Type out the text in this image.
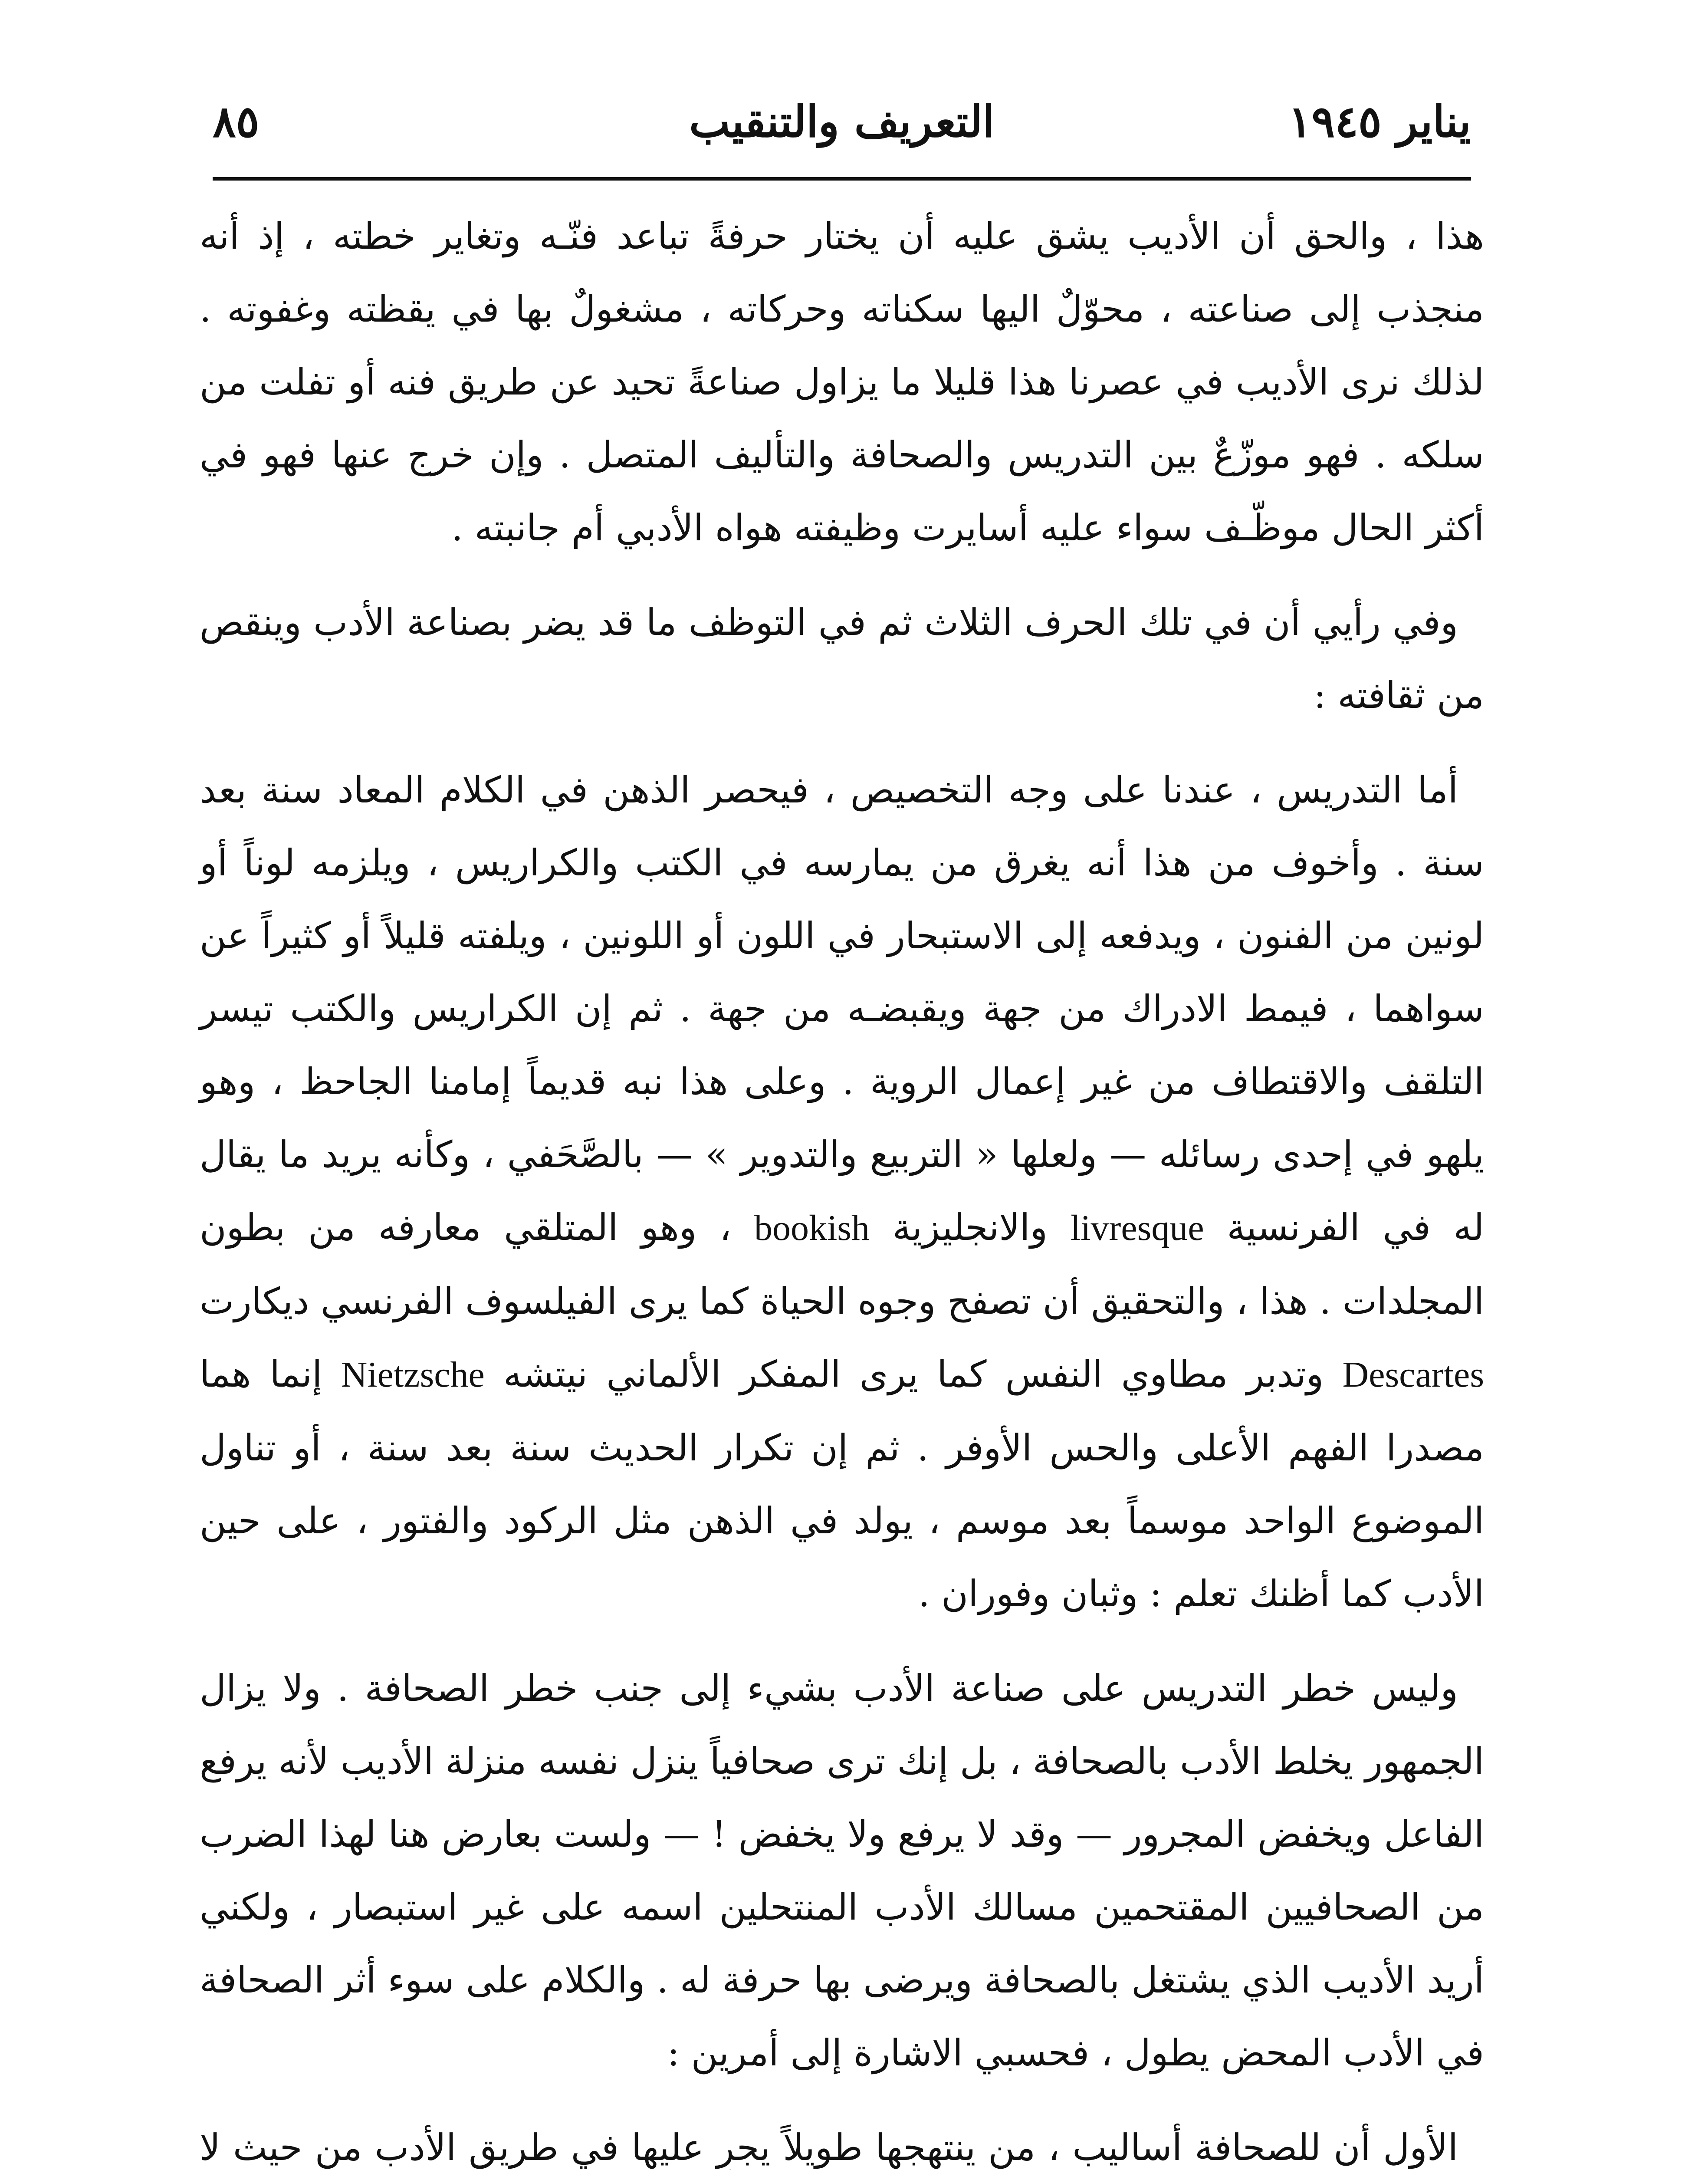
يناير ١٩٤٥
التعريف والتنقيب
٨٥

هذا ، والحق أن الأديب يشق عليه أن يختار حرفةً تباعد فنّـه وتغاير خطته ، إذ أنه منجذب إلى صناعته ، محوّلٌ اليها سكناته وحركاته ، مشغولٌ بها في يقظته وغفوته . لذلك نرى الأديب في عصرنا هذا قليلا ما يزاول صناعةً تحيد عن طريق فنه أو تفلت من سلكه . فهو موزّعٌ بين التدريس والصحافة والتأليف المتصل . وإن خرج عنها فهو في أكثر الحال موظّـف سواء عليه أسايرت وظيفته هواه الأدبي أم جانبته .

وفي رأيي أن في تلك الحرف الثلاث ثم في التوظف ما قد يضر بصناعة الأدب وينقص من ثقافته :

أما التدريس ، عندنا على وجه التخصيص ، فيحصر الذهن في الكلام المعاد سنة بعد سنة . وأخوف من هذا أنه يغرق من يمارسه في الكتب والكراريس ، ويلزمه لوناً أو لونين من الفنون ، ويدفعه إلى الاستبحار في اللون أو اللونين ، ويلفته قليلاً أو كثيراً عن سواهما ، فيمط الادراك من جهة ويقبضـه من جهة . ثم إن الكراريس والكتب تيسر التلقف والاقتطاف من غير إعمال الروية . وعلى هذا نبه قديماً إمامنا الجاحظ ، وهو يلهو في إحدى رسائله — ولعلها « التربيع والتدوير » — بالصَّحَفي ، وكأنه يريد ما يقال له في الفرنسية livresque والانجليزية bookish ، وهو المتلقي معارفه من بطون المجلدات . هذا ، والتحقيق أن تصفح وجوه الحياة كما يرى الفيلسوف الفرنسي ديكارت Descartes وتدبر مطاوي النفس كما يرى المفكر الألماني نيتشه Nietzsche إنما هما مصدرا الفهم الأعلى والحس الأوفر . ثم إن تكرار الحديث سنة بعد سنة ، أو تناول الموضوع الواحد موسماً بعد موسم ، يولد في الذهن مثل الركود والفتور ، على حين الأدب كما أظنك تعلم : وثبان وفوران .

وليس خطر التدريس على صناعة الأدب بشيء إلى جنب خطر الصحافة . ولا يزال الجمهور يخلط الأدب بالصحافة ، بل إنك ترى صحافياً ينزل نفسه منزلة الأديب لأنه يرفع الفاعل ويخفض المجرور — وقد لا يرفع ولا يخفض ! — ولست بعارض هنا لهذا الضرب من الصحافيين المقتحمين مسالك الأدب المنتحلين اسمه على غير استبصار ، ولكني أريد الأديب الذي يشتغل بالصحافة ويرضى بها حرفة له . والكلام على سوء أثر الصحافة في الأدب المحض يطول ، فحسبي الاشارة إلى أمرين :

الأول أن للصحافة أساليب ، من ينتهجها طويلاً يجرِ عليها في طريق الأدب من حيث لا
